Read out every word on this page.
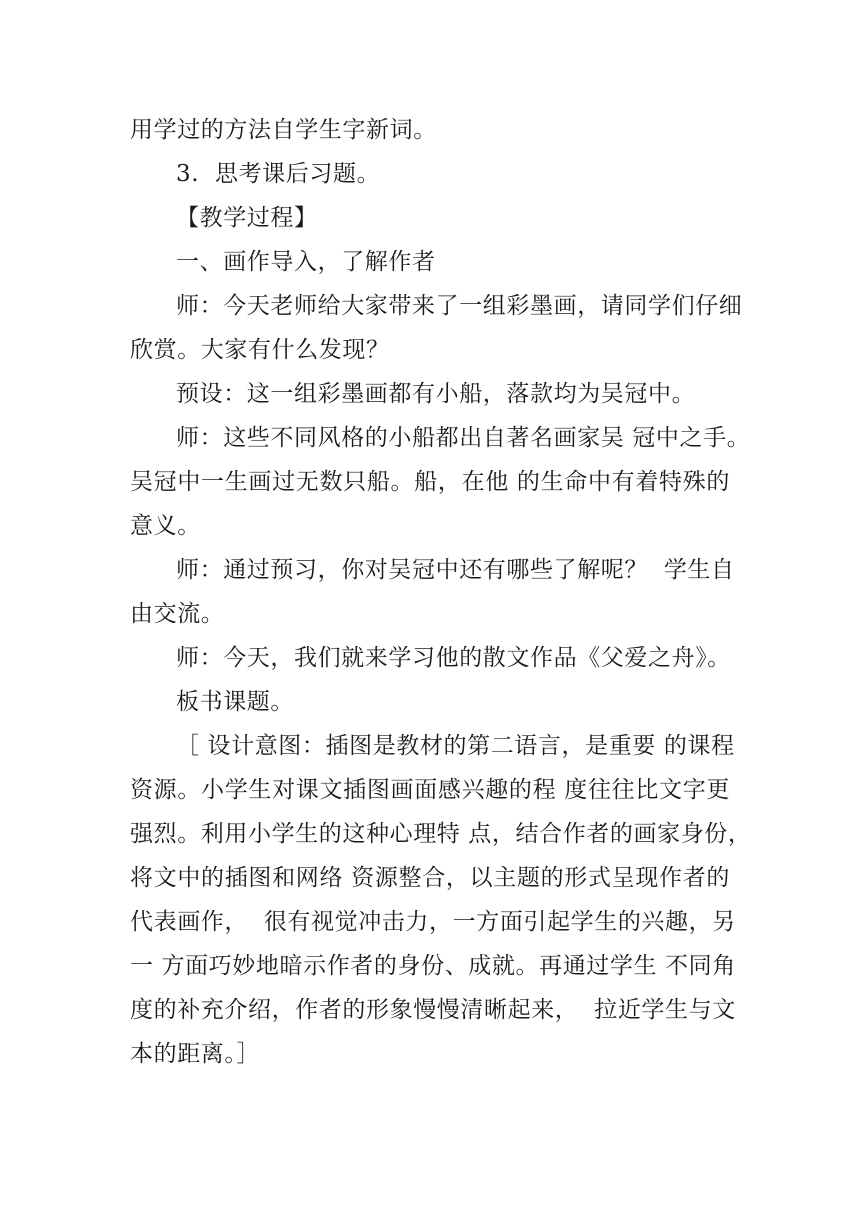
用学过的方法自学生字新词。
3.  思考课后习题。
【教学过程】
一、画作导入，了解作者
师：今天老师给大家带来了一组彩墨画，请同学们仔细
欣赏。大家有什么发现？
预设：这一组彩墨画都有小船，落款均为吴冠中。
师：这些不同风格的小船都出自著名画家吴 冠中之手。
吴冠中一生画过无数只船。船，在他 的生命中有着特殊的
意义。
师：通过预习，你对吴冠中还有哪些了解呢？  学生自
由交流。
师：今天，我们就来学习他的散文作品《父爱之舟》。
板书课题。
［ 设计意图：插图是教材的第二语言，是重要 的课程
资源。小学生对课文插图画面感兴趣的程 度往往比文字更
强烈。利用小学生的这种心理特 点，结合作者的画家身份，
将文中的插图和网络 资源整合，以主题的形式呈现作者的
代表画作，  很有视觉冲击力，一方面引起学生的兴趣，另
一 方面巧妙地暗示作者的身份、成就。再通过学生 不同角
度的补充介绍，作者的形象慢慢清晰起来，  拉近学生与文
本的距离。］
